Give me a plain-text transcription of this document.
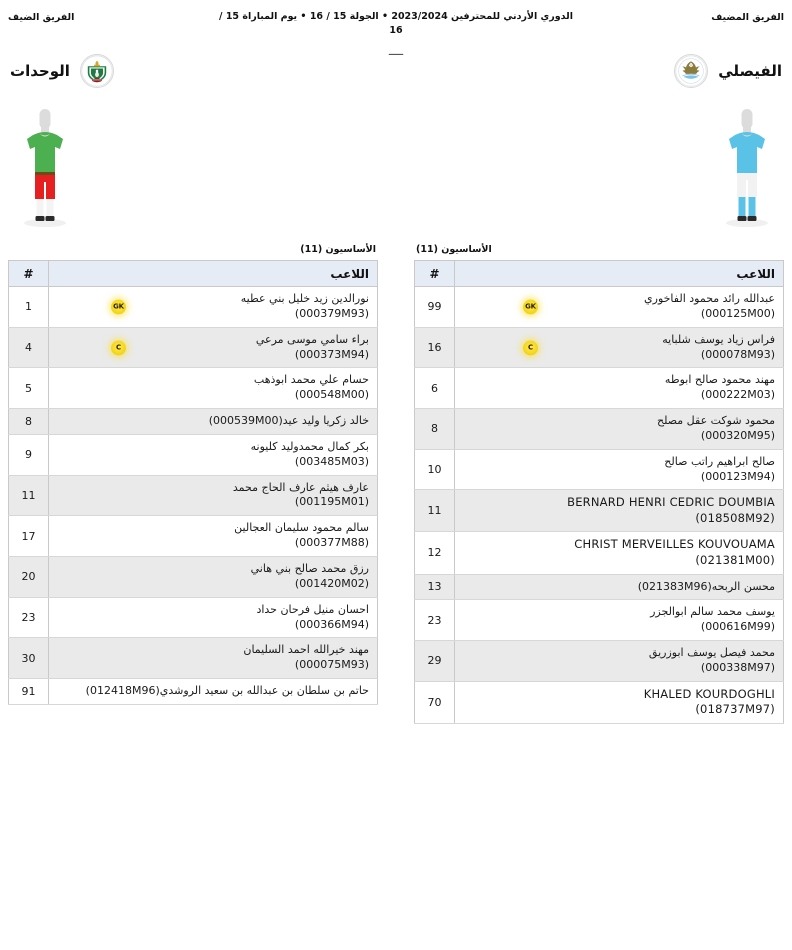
الفريق المضيف
الفريق الضيف	الدوري الأردني للمحترفين 2023/2024 • الجولة 15 / 16 • يوم المباراة 15 / 16
—
الفيصلي
الوحدات
الأساسيون (11)
اللاعب	#

GK
عبدالله رائد محمود الفاخوري
(000125M00)	99

C
فراس زياد يوسف شلبايه
(000078M93)	16
مهند محمود صالح ابوطه
(000222M03)	6
محمود شوكت عقل مصلح
(000320M95)	8
صالح ابراهيم راتب صالح
(000123M94)	10
BERNARD HENRI CEDRIC DOUMBIA
(018508M92)	11
CHRIST MERVEILLES KOUVOUAMA
(021381M00)	12
محسن الربحه(021383M96)	13
يوسف محمد سالم ابوالجزر
(000616M99)	23
محمد فيصل يوسف ابوزريق
(000338M97)	29
KHALED KOURDOGHLI
(018737M97)	70
الأساسيون (11)
اللاعب	#

GK
نورالدين زيد خليل بني عطيه
(000379M93)	1

C
براء سامي موسى مرعي
(000373M94)	4
حسام علي محمد ابوذهب
(000548M00)	5
خالد زكريا وليد عيد(000539M00)	8
بكر كمال محمدوليد كليونه
(003485M03)	9
عارف هيثم عارف الحاج محمد
(001195M01)	11
سالم محمود سليمان العجالين
(000377M88)	17
رزق محمد صالح بني هاني
(001420M02)	20
احسان منيل فرحان حداد
(000366M94)	23
مهند خيرالله احمد السليمان
(000075M93)	30
حاتم بن سلطان بن عبدالله بن سعيد الروشدي(012418M96)	91
